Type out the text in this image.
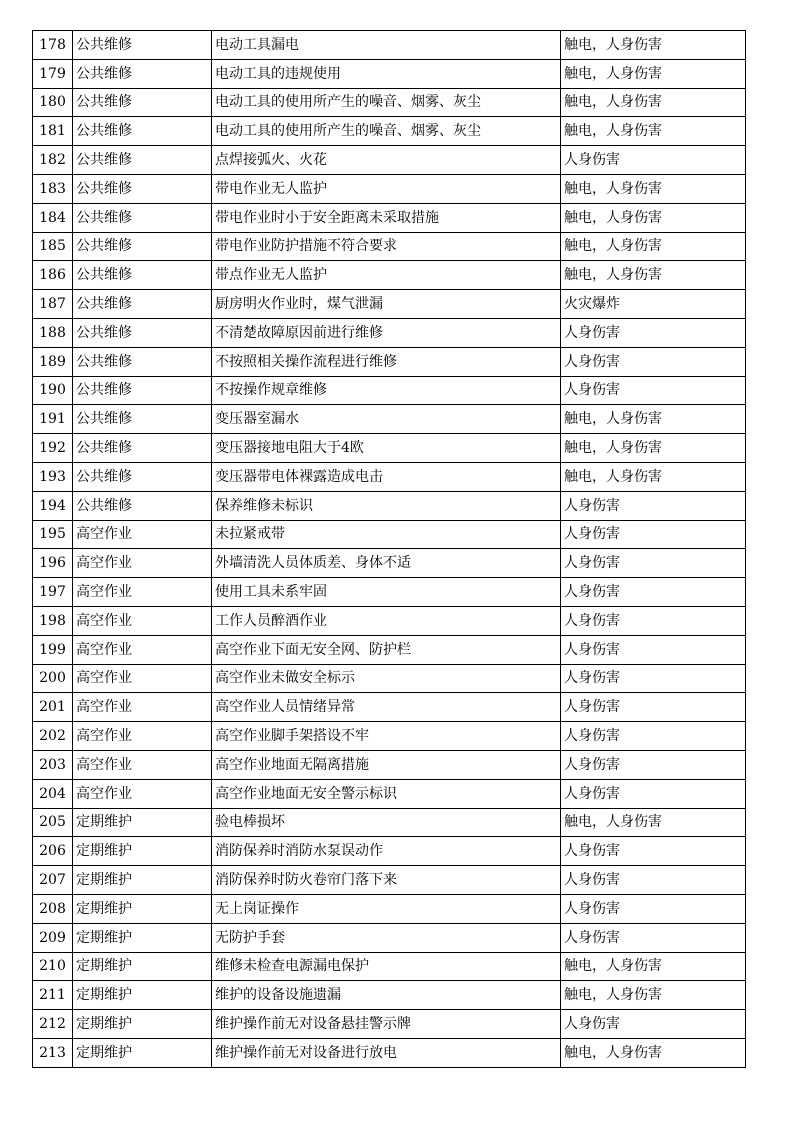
178	公共维修	电动工具漏电	触电，人身伤害
179	公共维修	电动工具的违规使用	触电，人身伤害
180	公共维修	电动工具的使用所产生的噪音、烟雾、灰尘	触电，人身伤害
181	公共维修	电动工具的使用所产生的噪音、烟雾、灰尘	触电，人身伤害
182	公共维修	点焊接弧火、火花	人身伤害
183	公共维修	带电作业无人监护	触电，人身伤害
184	公共维修	带电作业时小于安全距离未采取措施	触电，人身伤害
185	公共维修	带电作业防护措施不符合要求	触电，人身伤害
186	公共维修	带点作业无人监护	触电，人身伤害
187	公共维修	厨房明火作业时，煤气泄漏	火灾爆炸
188	公共维修	不清楚故障原因前进行维修	人身伤害
189	公共维修	不按照相关操作流程进行维修	人身伤害
190	公共维修	不按操作规章维修	人身伤害
191	公共维修	变压器室漏水	触电，人身伤害
192	公共维修	变压器接地电阻大于4欧	触电，人身伤害
193	公共维修	变压器带电体裸露造成电击	触电，人身伤害
194	公共维修	保养维修未标识	人身伤害
195	高空作业	未拉紧戒带	人身伤害
196	高空作业	外墙清洗人员体质差、身体不适	人身伤害
197	高空作业	使用工具未系牢固	人身伤害
198	高空作业	工作人员醉酒作业	人身伤害
199	高空作业	高空作业下面无安全网、防护栏	人身伤害
200	高空作业	高空作业未做安全标示	人身伤害
201	高空作业	高空作业人员情绪异常	人身伤害
202	高空作业	高空作业脚手架搭设不牢	人身伤害
203	高空作业	高空作业地面无隔离措施	人身伤害
204	高空作业	高空作业地面无安全警示标识	人身伤害
205	定期维护	验电棒损坏	触电，人身伤害
206	定期维护	消防保养时消防水泵误动作	人身伤害
207	定期维护	消防保养时防火卷帘门落下来	人身伤害
208	定期维护	无上岗证操作	人身伤害
209	定期维护	无防护手套	人身伤害
210	定期维护	维修未检查电源漏电保护	触电，人身伤害
211	定期维护	维护的设备设施遗漏	触电，人身伤害
212	定期维护	维护操作前无对设备悬挂警示牌	人身伤害
213	定期维护	维护操作前无对设备进行放电	触电，人身伤害
